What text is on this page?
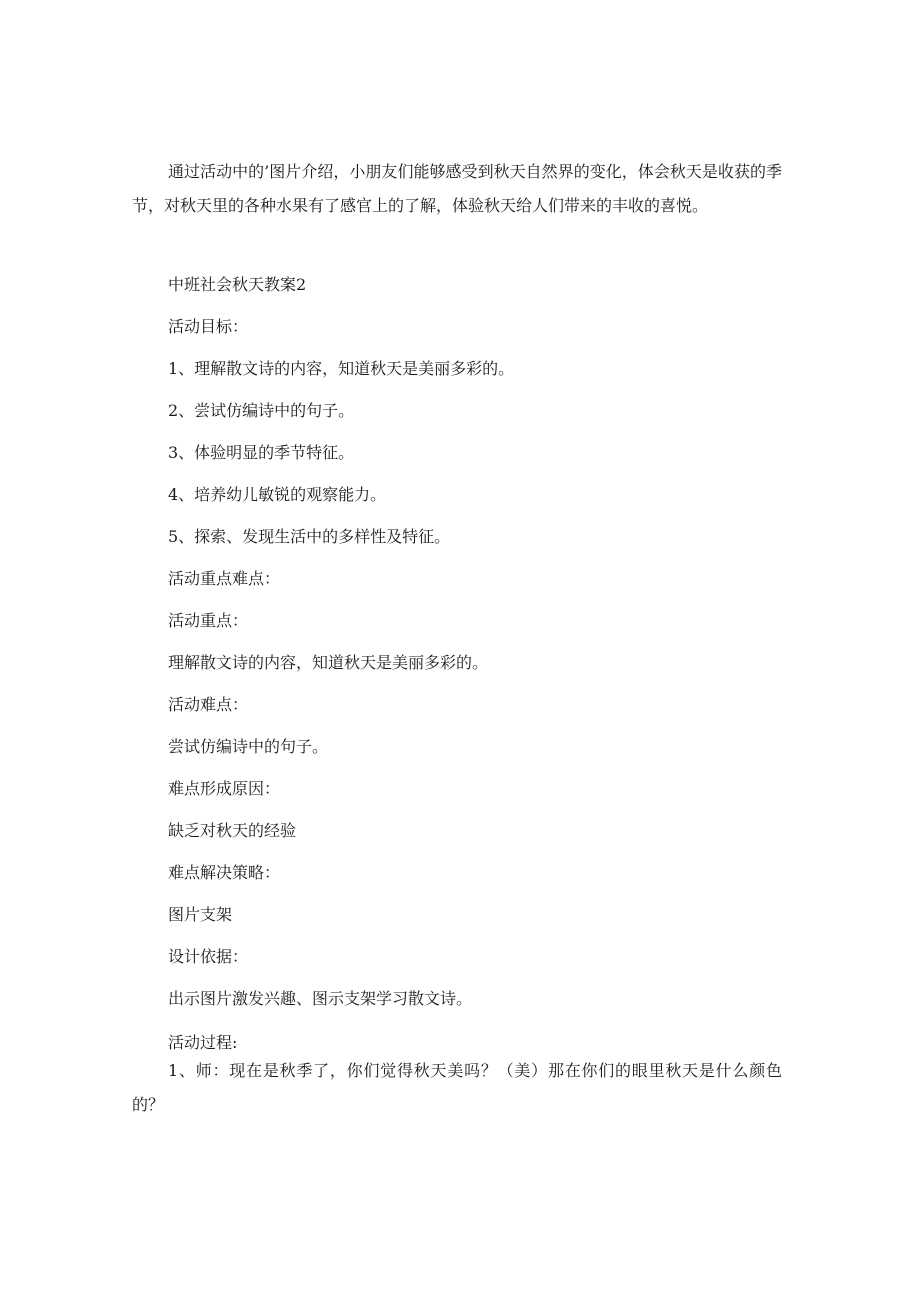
通过活动中的’图片介绍，小朋友们能够感受到秋天自然界的变化，体会秋天是收获的季节，对秋天里的各种水果有了感官上的了解，体验秋天给人们带来的丰收的喜悦。

中班社会秋天教案2

活动目标：

1、理解散文诗的内容，知道秋天是美丽多彩的。

2、尝试仿编诗中的句子。

3、体验明显的季节特征。

4、培养幼儿敏锐的观察能力。

5、探索、发现生活中的多样性及特征。

活动重点难点：

活动重点：

理解散文诗的内容，知道秋天是美丽多彩的。

活动难点：

尝试仿编诗中的句子。

难点形成原因：

缺乏对秋天的经验

难点解决策略：

图片支架

设计依据：

出示图片激发兴趣、图示支架学习散文诗。

活动过程:

1、师：现在是秋季了，你们觉得秋天美吗？（美）那在你们的眼里秋天是什么颜色的？
